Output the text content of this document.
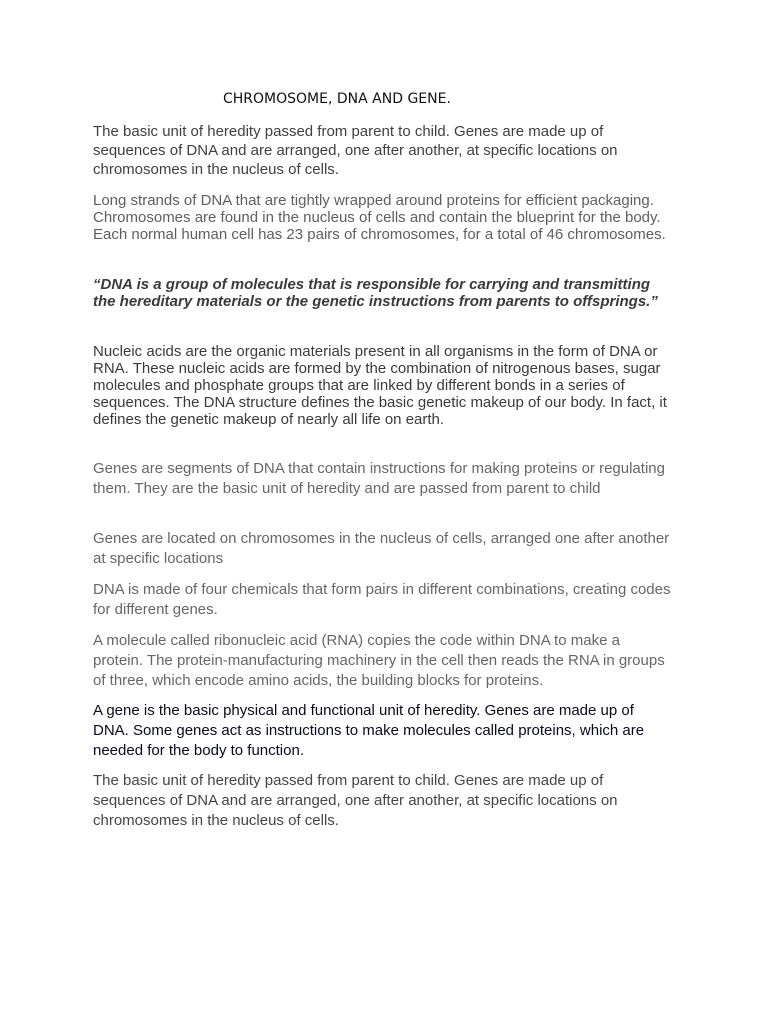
CHROMOSOME, DNA AND GENE.

The basic unit of heredity passed from parent to child. Genes are made up of sequences of DNA and are arranged, one after another, at specific locations on chromosomes in the nucleus of cells.

Long strands of DNA that are tightly wrapped around proteins for efficient packaging. Chromosomes are found in the nucleus of cells and contain the blueprint for the body. Each normal human cell has 23 pairs of chromosomes, for a total of 46 chromosomes.

“DNA is a group of molecules that is responsible for carrying and transmitting the hereditary materials or the genetic instructions from parents to offsprings.”

Nucleic acids are the organic materials present in all organisms in the form of DNA or RNA. These nucleic acids are formed by the combination of nitrogenous bases, sugar molecules and phosphate groups that are linked by different bonds in a series of sequences. The DNA structure defines the basic genetic makeup of our body. In fact, it defines the genetic makeup of nearly all life on earth.

Genes are segments of DNA that contain instructions for making proteins or regulating them. They are the basic unit of heredity and are passed from parent to child

Genes are located on chromosomes in the nucleus of cells, arranged one after another at specific locations

DNA is made of four chemicals that form pairs in different combinations, creating codes for different genes.

A molecule called ribonucleic acid (RNA) copies the code within DNA to make a protein. The protein-manufacturing machinery in the cell then reads the RNA in groups of three, which encode amino acids, the building blocks for proteins.

A gene is the basic physical and functional unit of heredity. Genes are made up of DNA. Some genes act as instructions to make molecules called proteins, which are needed for the body to function.

The basic unit of heredity passed from parent to child. Genes are made up of sequences of DNA and are arranged, one after another, at specific locations on chromosomes in the nucleus of cells.
